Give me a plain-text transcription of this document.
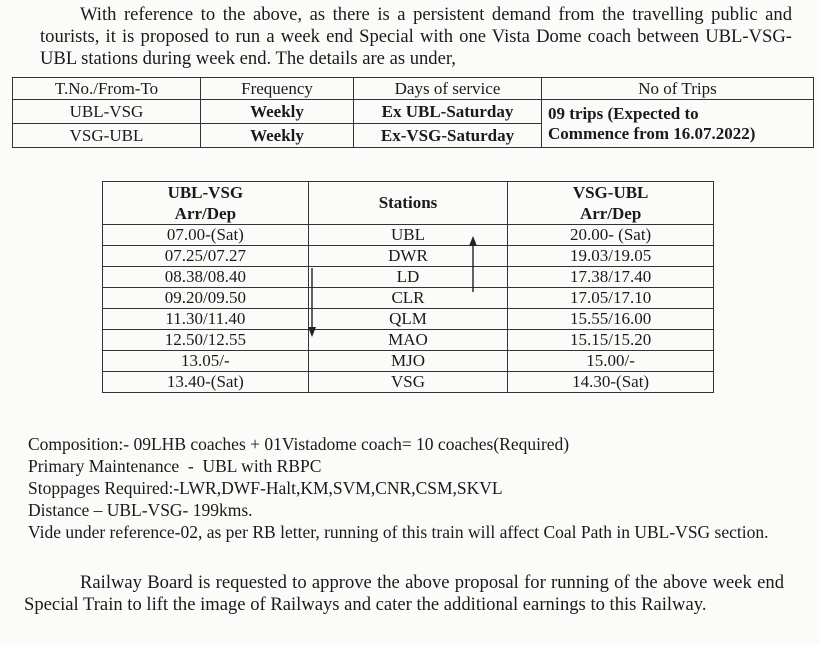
With reference to the above, as there is a persistent demand from the travelling public and tourists, it is proposed to run a week end Special with one Vista Dome coach between UBL-VSG-UBL stations during week end. The details are as under,

T.No./From-To	Frequency	Days of service	No of Trips
UBL-VSG	Weekly	Ex UBL-Saturday	09 trips (Expected to
Commence from 16.07.2022)

VSG-UBL	Weekly	Ex-VSG-Saturday	
UBL-VSG	Stations	VSG-UBL
Arr/Dep		Arr/Dep
07.00-(Sat)	UBL	20.00- (Sat)
07.25/07.27	DWR	19.03/19.05
08.38/08.40	LD	17.38/17.40
09.20/09.50	CLR	17.05/17.10
11.30/11.40	QLM	15.55/16.00
12.50/12.55	MAO	15.15/15.20
13.05/-	MJO	15.00/-
13.40-(Sat)	VSG	14.30-(Sat)
Composition:- 09LHB coaches + 01Vistadome coach= 10 coaches(Required)
Primary Maintenance  -  UBL with RBPC
Stoppages Required:-LWR,DWF-Halt,KM,SVM,CNR,CSM,SKVL
Distance – UBL-VSG- 199kms.
Vide under reference-02, as per RB letter, running of this train will affect Coal Path in UBL-VSG section.

Railway Board is requested to approve the above proposal for running of the above week end Special Train to lift the image of Railways and cater the additional earnings to this Railway.
